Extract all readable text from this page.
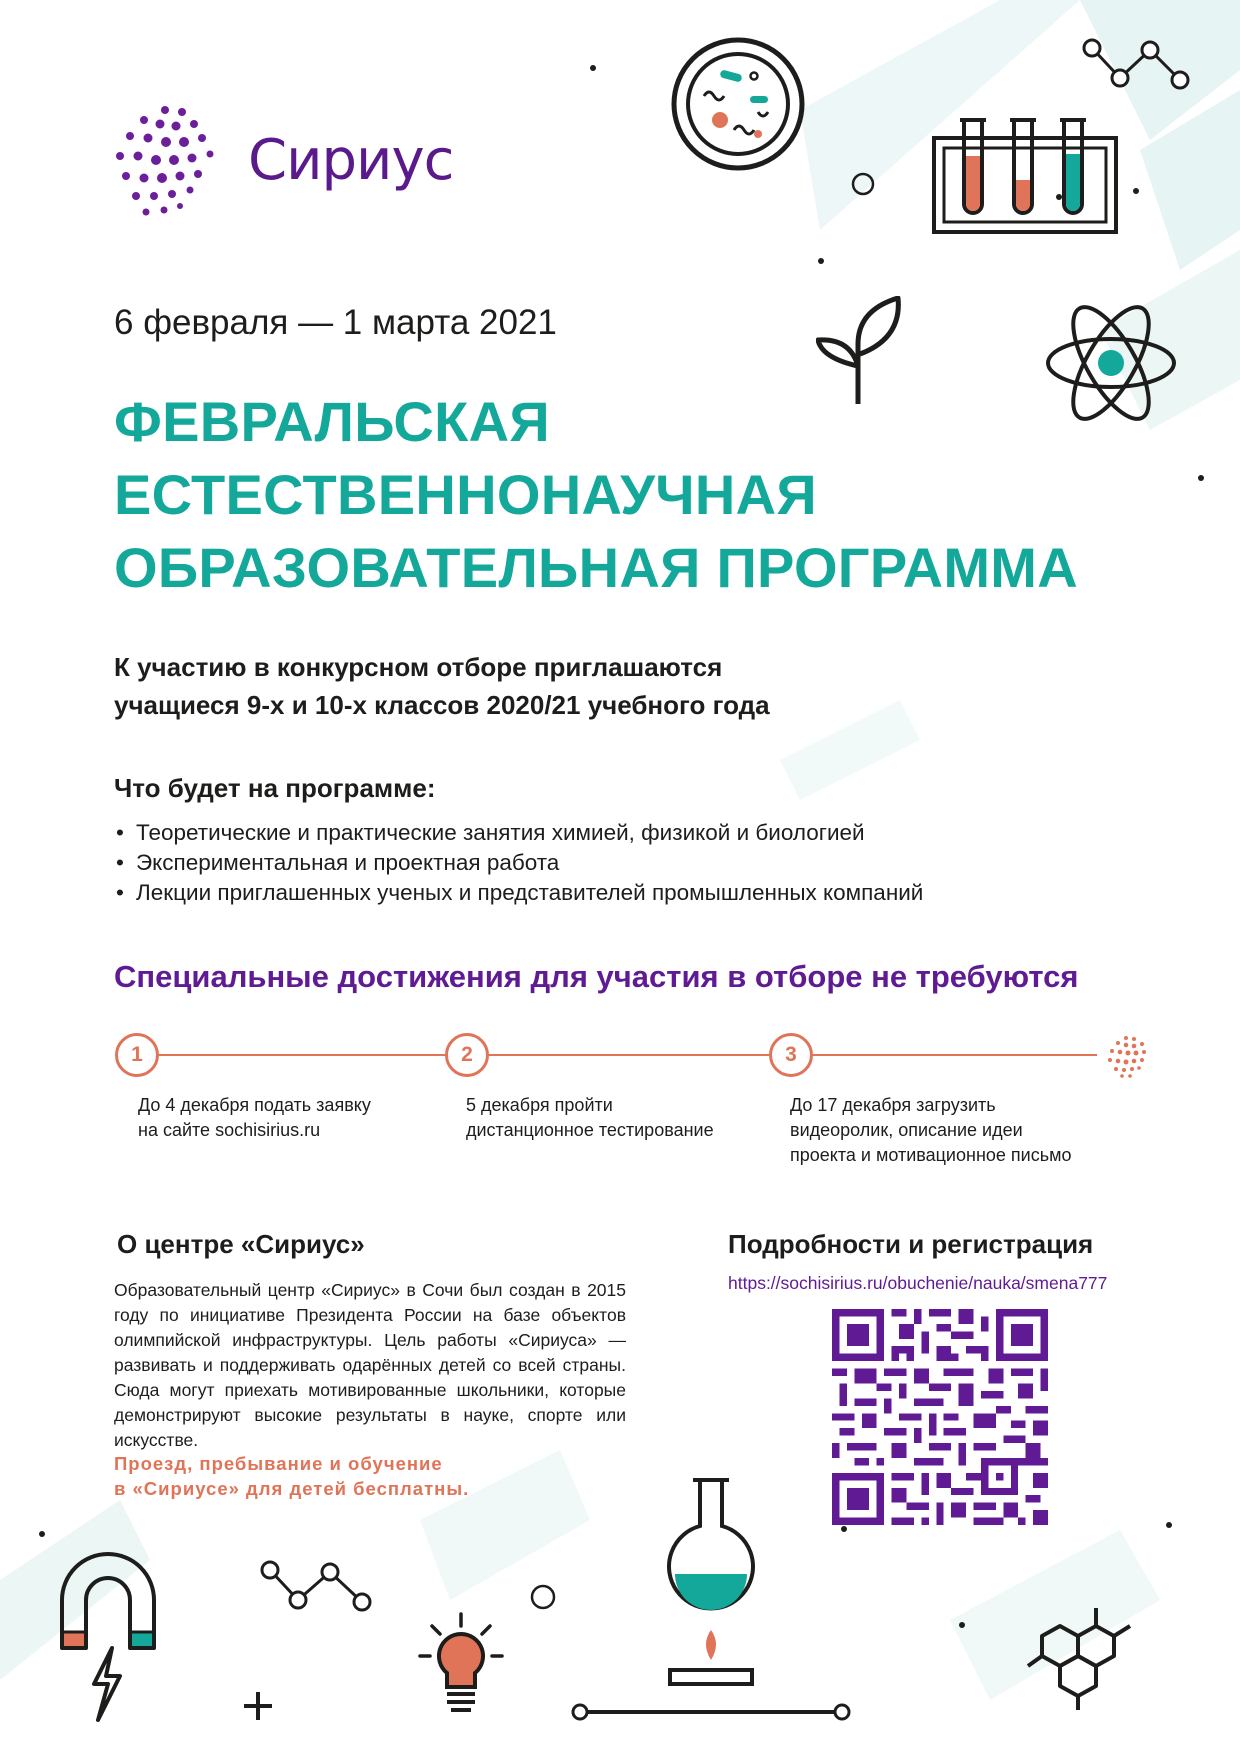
Сириус
6 февраля — 1 марта 2021
ФЕВРАЛЬСКАЯ
ЕСТЕСТВЕННОНАУЧНАЯ
ОБРАЗОВАТЕЛЬНАЯ ПРОГРАММА
К участию в конкурсном отборе приглашаются
учащиеся 9-х и 10-х классов 2020/21 учебного года
Что будет на программе:
• Теоретические и практические занятия химией, физикой и биологией
• Экспериментальная и проектная работа
• Лекции приглашенных ученых и представителей промышленных компаний
Специальные достижения для участия в отборе не требуются
1	2	3
До 4 декабря подать заявку
на сайте sochisirius.ru
5 декабря пройти
дистанционное тестирование
До 17 декабря загрузить
видеоролик, описание идеи
проекта и мотивационное письмо
О центре «Сириус»

Образовательный центр «Сириус» в Сочи был создан в 2015 году по инициативе Президента России на базе объектов олимпийской инфраструктуры. Цель работы «Сириуса» — развивать и поддерживать одарённых детей со всей страны. Сюда могут приехать мотивированные школьники, которые демонстрируют высокие результаты в науке, спорте или искусстве.

Проезд, пребывание и обучение
в «Сириусе» для детей бесплатны.
Подробности и регистрация
https://sochisirius.ru/obuchenie/nauka/smena777
